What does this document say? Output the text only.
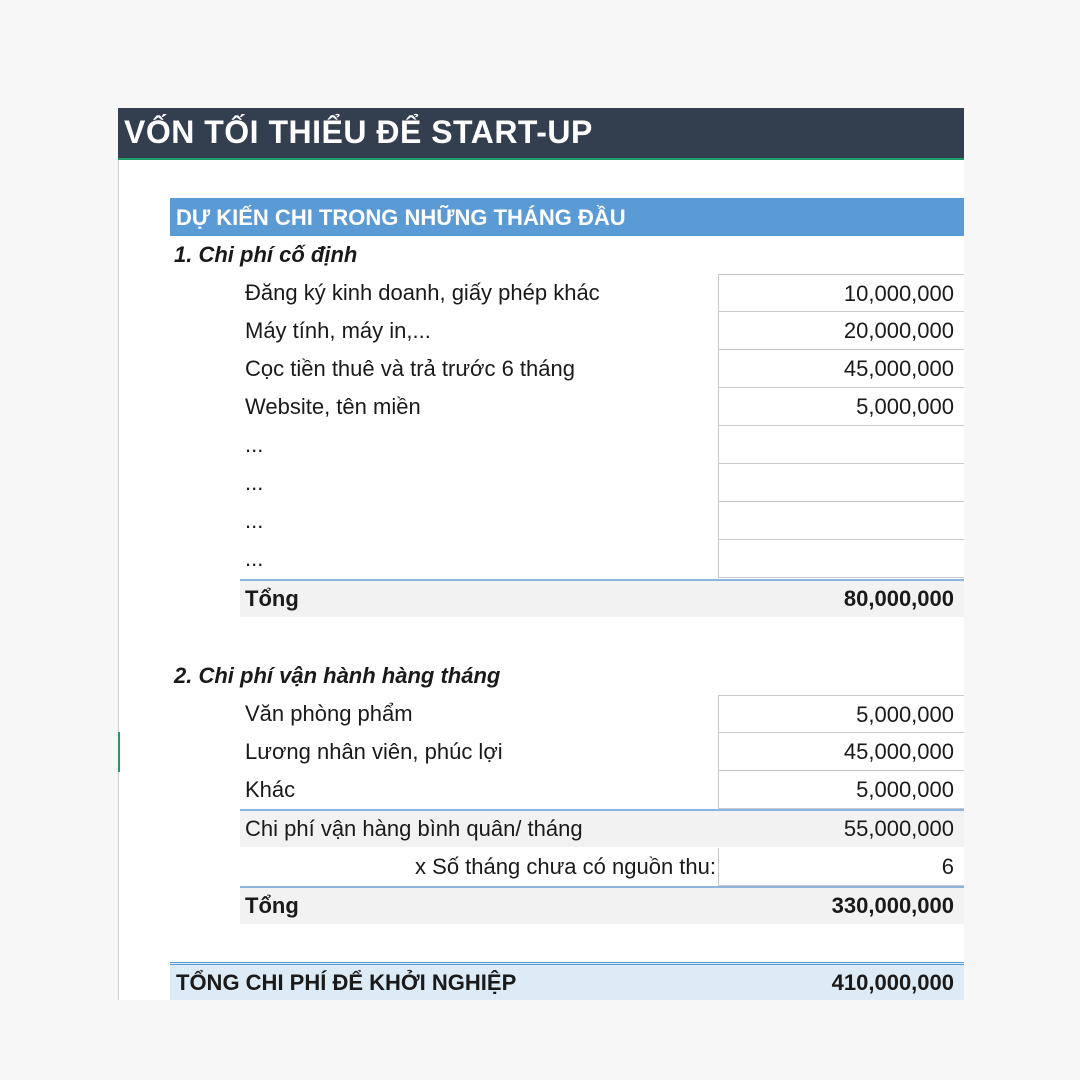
VỐN TỐI THIỂU ĐỂ START-UP
DỰ KIẾN CHI TRONG NHỮNG THÁNG ĐẦU
1. Chi phí cố định
Đăng ký kinh doanh, giấy phép khác	10,000,000
Máy tính, máy in,...	20,000,000
Cọc tiền thuê và trả trước 6 tháng	45,000,000
Website, tên miền	5,000,000
...
...
...
...
Tổng	80,000,000
2. Chi phí vận hành hàng tháng
Văn phòng phẩm	5,000,000
Lương nhân viên, phúc lợi	45,000,000
Khác	5,000,000
Chi phí vận hàng bình quân/ tháng	55,000,000
x Số tháng chưa có nguồn thu:	6
Tổng	330,000,000
TỔNG CHI PHÍ ĐỂ KHỞI NGHIỆP	410,000,000
